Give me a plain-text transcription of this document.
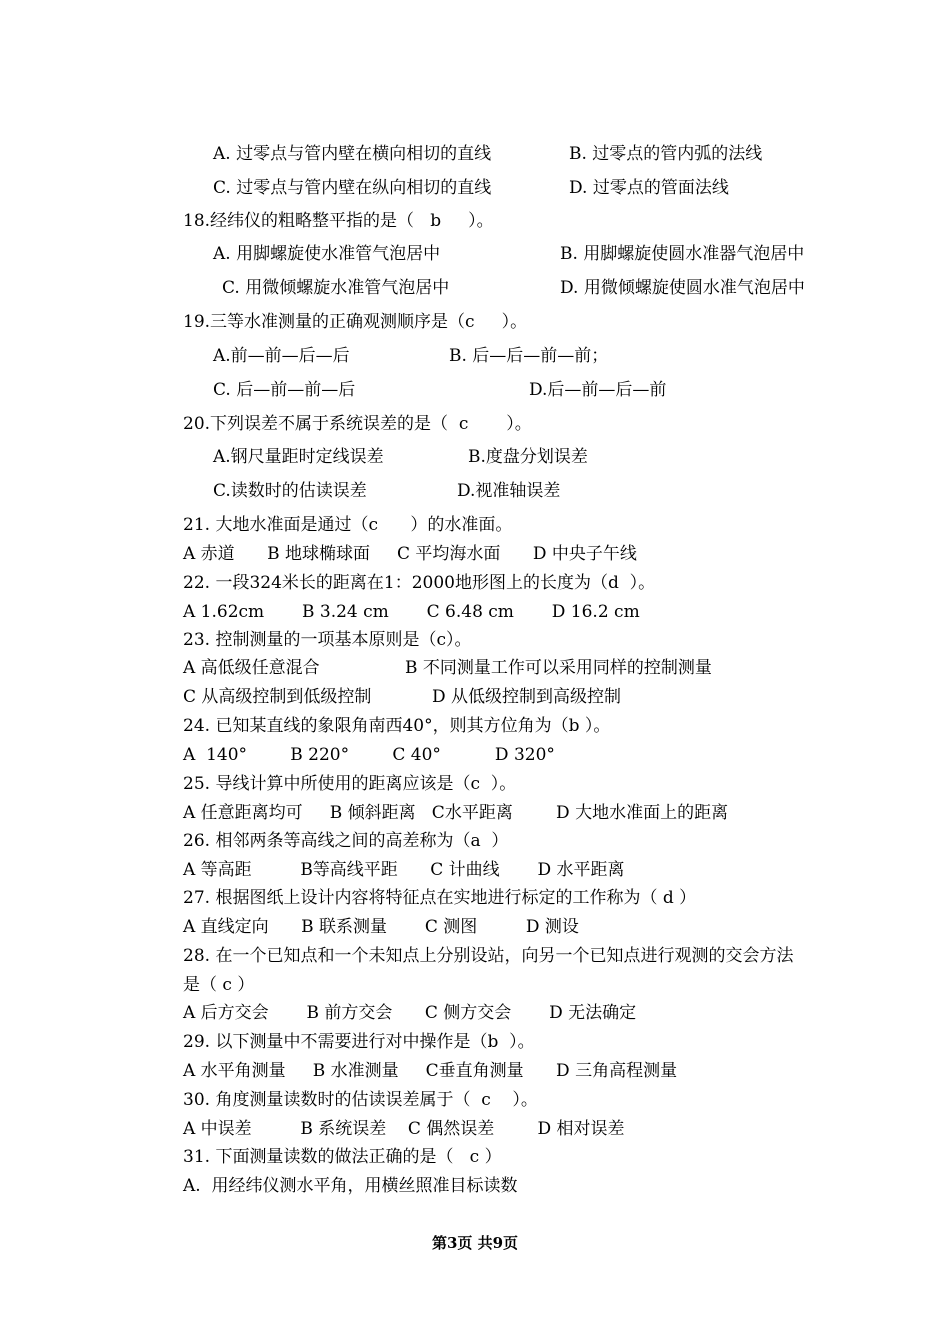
A. 过零点与管内壁在横向相切的直线	B. 过零点的管内弧的法线
C. 过零点与管内壁在纵向相切的直线	D. 过零点的管面法线
18.经纬仪的粗略整平指的是（   b     ）。
A. 用脚螺旋使水准管气泡居中	B. 用脚螺旋使圆水准器气泡居中
C. 用微倾螺旋水准管气泡居中	D. 用微倾螺旋使圆水准气泡居中
19.三等水准测量的正确观测顺序是（c     ）。
A.前—前—后—后	B. 后—后—前—前；
C. 后—前—前—后	D.后—前—后—前
20.下列误差不属于系统误差的是（  c       ）。
A.钢尺量距时定线误差	B.度盘分划误差
C.读数时的估读误差	D.视准轴误差
21. 大地水准面是通过（c      ）的水准面。
A 赤道      B 地球椭球面     C 平均海水面      D 中央子午线
22. 一段324米长的距离在1：2000地形图上的长度为（d  ）。
A 1.62cm       B 3.24 cm       C 6.48 cm       D 16.2 cm
23. 控制测量的一项基本原则是（c）。
A 高低级任意混合	B 不同测量工作可以采用同样的控制测量
C 从高级控制到低级控制	D 从低级控制到高级控制
24. 已知某直线的象限角南西40°，则其方位角为（b ）。
A  140°        B 220°        C 40°          D 320°
25. 导线计算中所使用的距离应该是（c  ）。
A 任意距离均可     B 倾斜距离   C水平距离        D 大地水准面上的距离
26. 相邻两条等高线之间的高差称为（a  ）
A 等高距         B等高线平距      C 计曲线       D 水平距离
27. 根据图纸上设计内容将特征点在实地进行标定的工作称为（ d ）
A 直线定向      B 联系测量       C 测图         D 测设
28. 在一个已知点和一个未知点上分别设站，向另一个已知点进行观测的交会方法
是（ c ）
A 后方交会       B 前方交会      C 侧方交会       D 无法确定
29. 以下测量中不需要进行对中操作是（b  ）。
A 水平角测量     B 水准测量     C垂直角测量      D 三角高程测量
30. 角度测量读数时的估读误差属于（  c    ）。
A 中误差         B 系统误差    C 偶然误差        D 相对误差
31. 下面测量读数的做法正确的是（   c ）
A.  用经纬仪测水平角，用横丝照准目标读数
第3页 共9页
